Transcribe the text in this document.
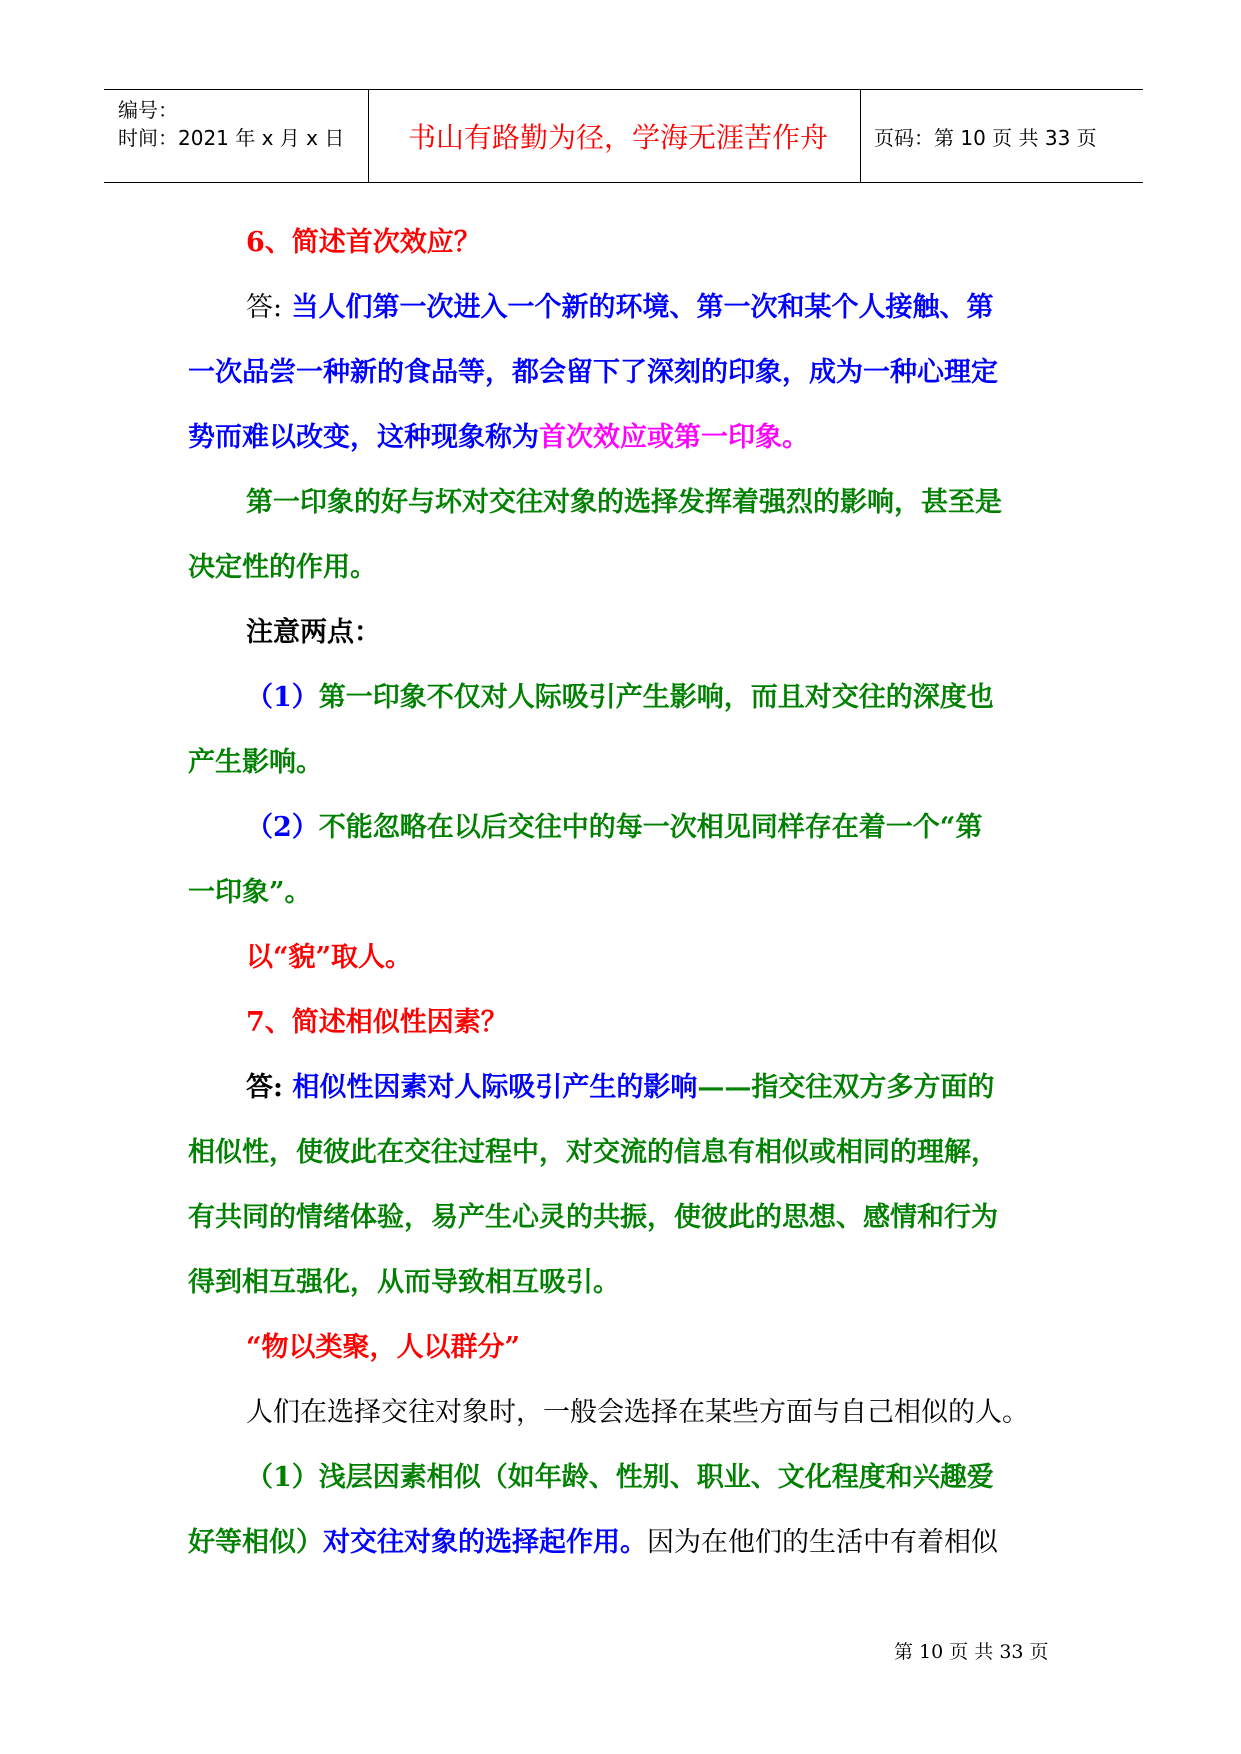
编号：
时间：2021 年 x 月 x 日	书山有路勤为径，学海无涯苦作舟	页码：第 10 页 共 33 页

6、简述首次效应？

答: 当人们第一次进入一个新的环境、第一次和某个人接触、第

一次品尝一种新的食品等，都会留下了深刻的印象，成为一种心理定

势而难以改变，这种现象称为首次效应或第一印象。

第一印象的好与坏对交往对象的选择发挥着强烈的影响，甚至是

决定性的作用。

注意两点：

（1）第一印象不仅对人际吸引产生影响，而且对交往的深度也

产生影响。

（2）不能忽略在以后交往中的每一次相见同样存在着一个“第

一印象”。

以“貌”取人。

7、简述相似性因素？

答: 相似性因素对人际吸引产生的影响——指交往双方多方面的

相似性，使彼此在交往过程中，对交流的信息有相似或相同的理解，

有共同的情绪体验，易产生心灵的共振，使彼此的思想、感情和行为

得到相互强化，从而导致相互吸引。

“物以类聚，人以群分”

人们在选择交往对象时，一般会选择在某些方面与自己相似的人。

（1）浅层因素相似（如年龄、性别、职业、文化程度和兴趣爱

好等相似）对交往对象的选择起作用。因为在他们的生活中有着相似

第 10 页 共 33 页
